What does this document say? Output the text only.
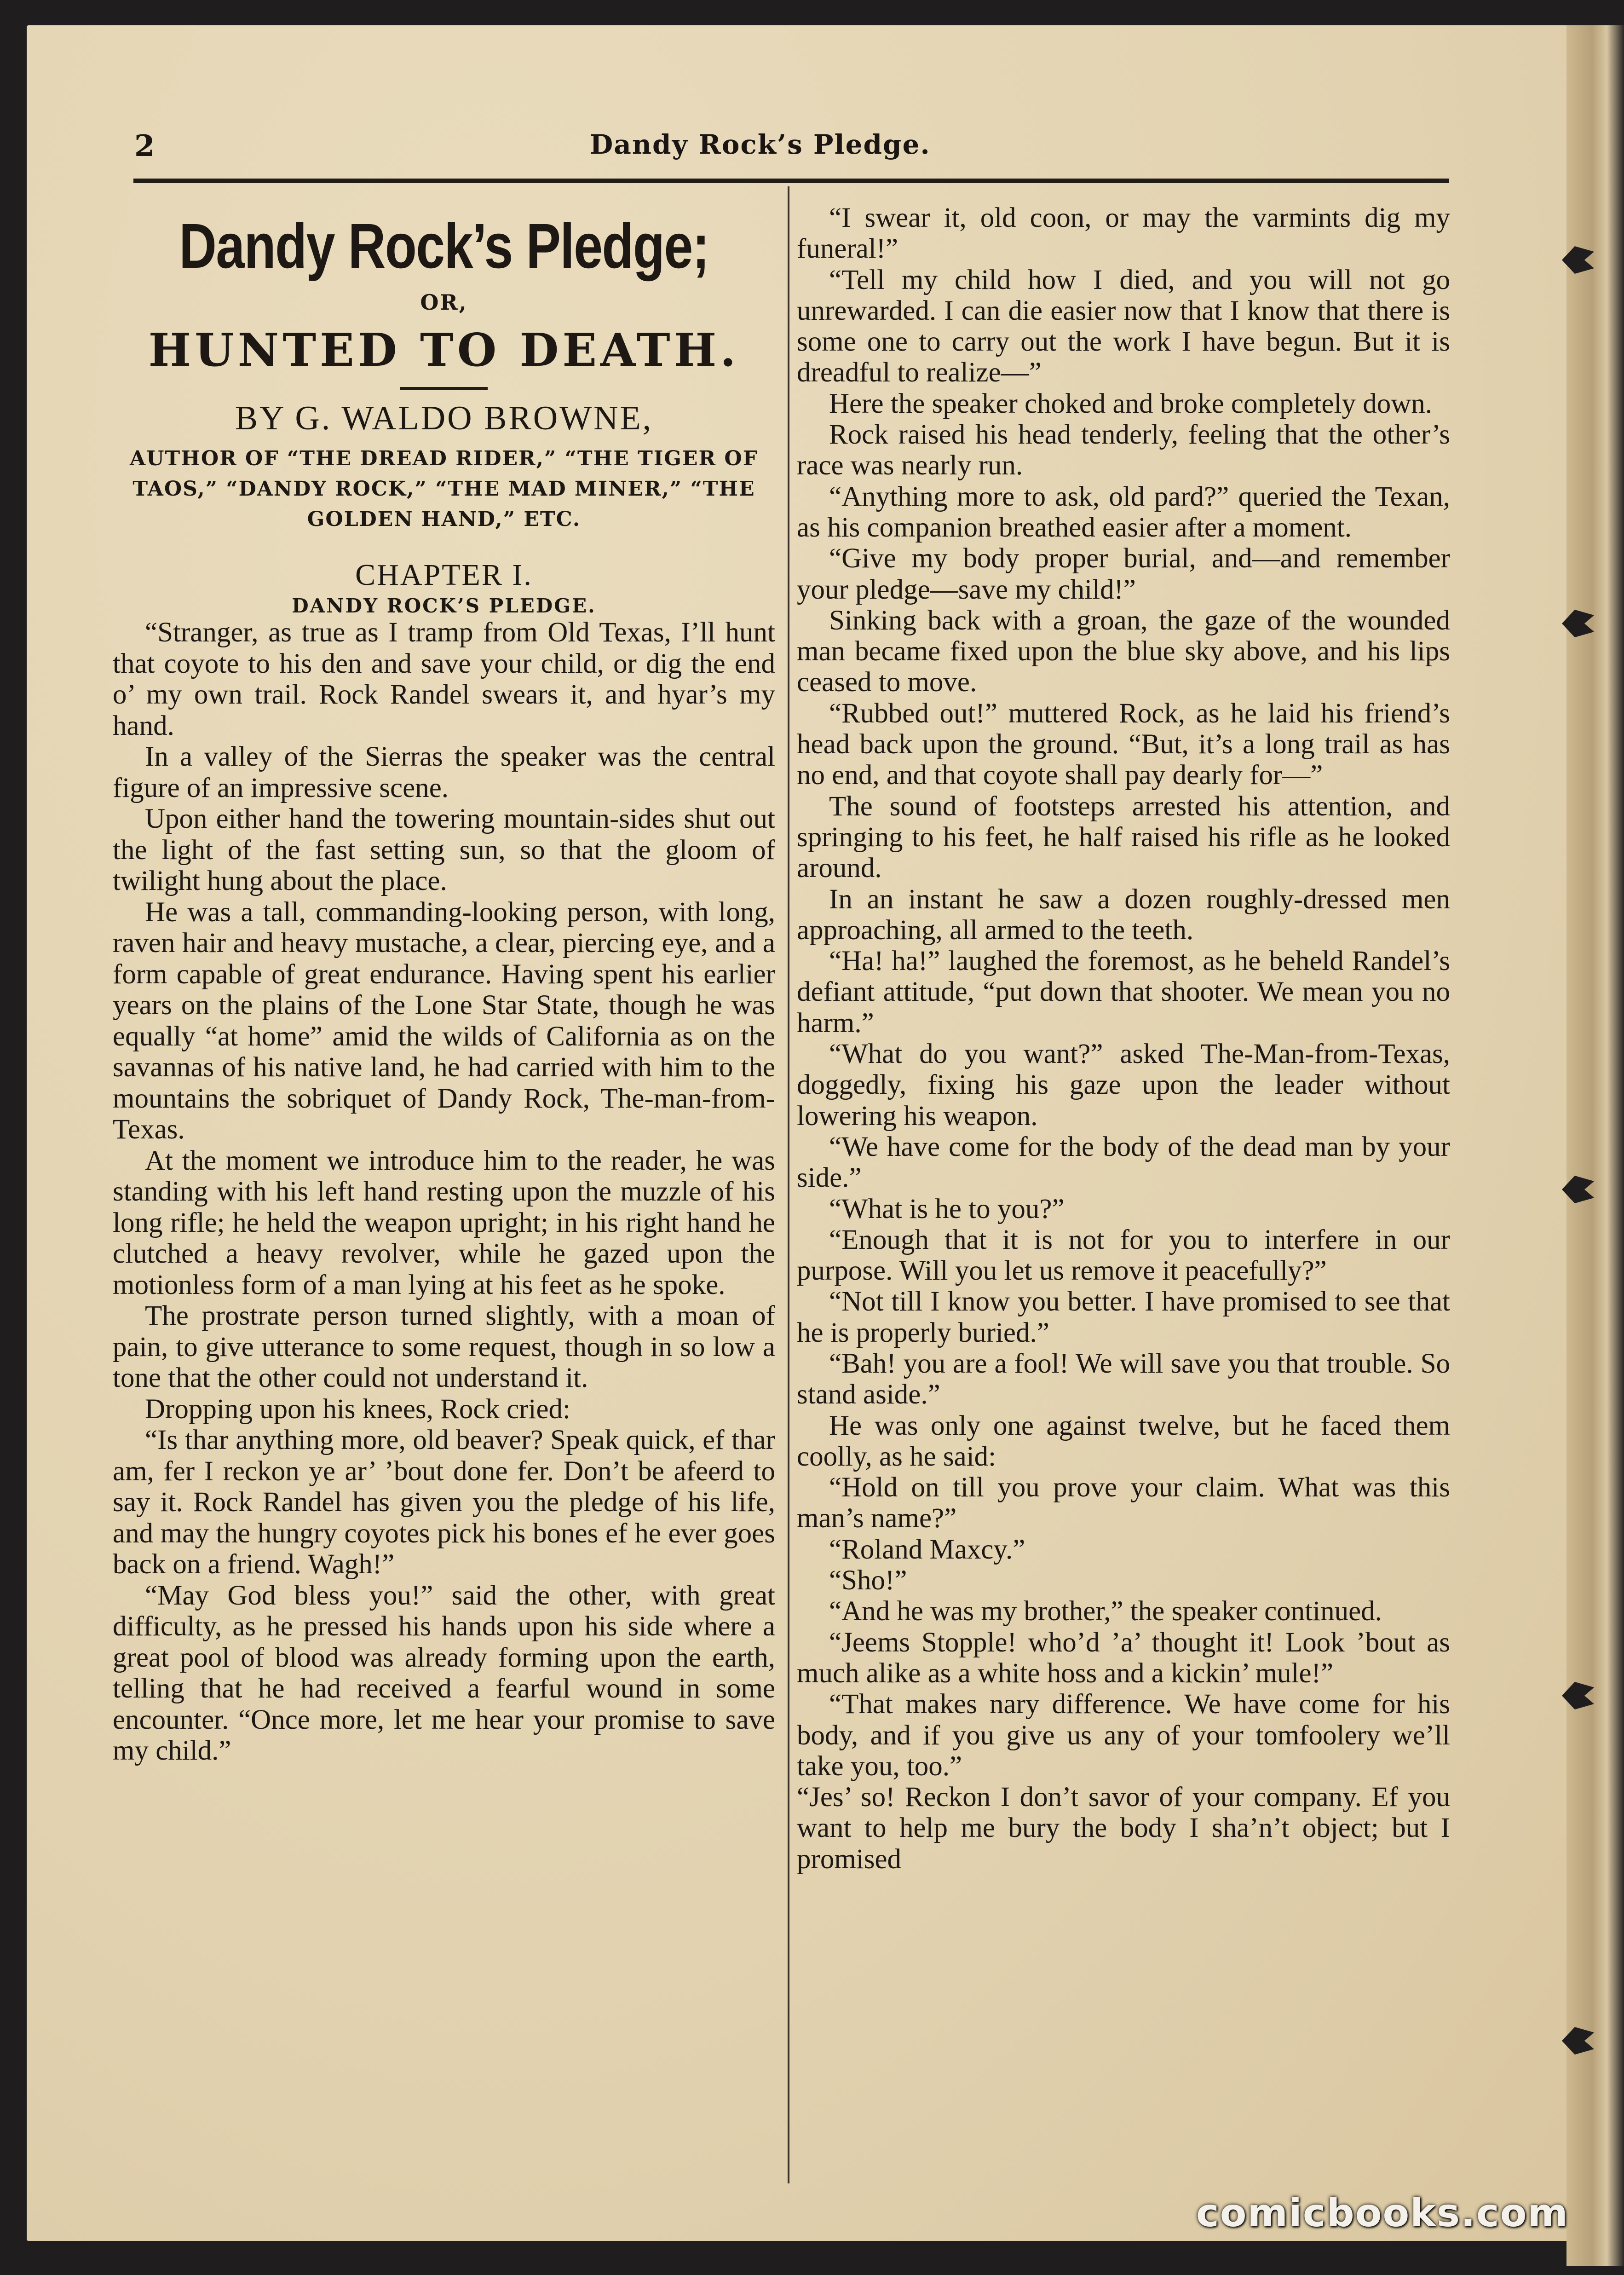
2	Dandy Rock’s Pledge.
Dandy Rock’s Pledge;
OR,
HUNTED TO DEATH.
BY G. WALDO BROWNE,
AUTHOR OF “THE DREAD RIDER,” “THE TIGER OF TAOS,” “DANDY ROCK,” “THE MAD MINER,” “THE GOLDEN HAND,” ETC.
CHAPTER I.
DANDY ROCK’S PLEDGE.

“Stranger, as true as I tramp from Old Texas, I’ll hunt that coyote to his den and save your child, or dig the end o’ my own trail. Rock Randel swears it, and hyar’s my hand.

In a valley of the Sierras the speaker was the central figure of an impressive scene.

Upon either hand the towering mountain-sides shut out the light of the fast setting sun, so that the gloom of twilight hung about the place.

He was a tall, commanding-looking person, with long, raven hair and heavy mustache, a clear, piercing eye, and a form capable of great endurance. Having spent his earlier years on the plains of the Lone Star State, though he was equally “at home” amid the wilds of California as on the savannas of his native land, he had carried with him to the mountains the sobriquet of Dandy Rock, The-man-from-Texas.

At the moment we introduce him to the reader, he was standing with his left hand resting upon the muzzle of his long rifle; he held the weapon upright; in his right hand he clutched a heavy revolver, while he gazed upon the motionless form of a man lying at his feet as he spoke.

The prostrate person turned slightly, with a moan of pain, to give utterance to some request, though in so low a tone that the other could not understand it.

Dropping upon his knees, Rock cried:

“Is thar anything more, old beaver? Speak quick, ef thar am, fer I reckon ye ar’ ’bout done fer. Don’t be afeerd to say it. Rock Randel has given you the pledge of his life, and may the hungry coyotes pick his bones ef he ever goes back on a friend. Wagh!”

“May God bless you!” said the other, with great difficulty, as he pressed his hands upon his side where a great pool of blood was already forming upon the earth, telling that he had received a fearful wound in some encounter. “Once more, let me hear your promise to save my child.”

“I swear it, old coon, or may the varmints dig my funeral!”

“Tell my child how I died, and you will not go unrewarded. I can die easier now that I know that there is some one to carry out the work I have begun. But it is dreadful to realize—”

Here the speaker choked and broke completely down.

Rock raised his head tenderly, feeling that the other’s race was nearly run.

“Anything more to ask, old pard?” queried the Texan, as his companion breathed easier after a moment.

“Give my body proper burial, and—and remember your pledge—save my child!”

Sinking back with a groan, the gaze of the wounded man became fixed upon the blue sky above, and his lips ceased to move.

“Rubbed out!” muttered Rock, as he laid his friend’s head back upon the ground. “But, it’s a long trail as has no end, and that coyote shall pay dearly for—”

The sound of footsteps arrested his attention, and springing to his feet, he half raised his rifle as he looked around.

In an instant he saw a dozen roughly-dressed men approaching, all armed to the teeth.

“Ha! ha!” laughed the foremost, as he beheld Randel’s defiant attitude, “put down that shooter. We mean you no harm.”

“What do you want?” asked The-Man-from-Texas, doggedly, fixing his gaze upon the leader without lowering his weapon.

“We have come for the body of the dead man by your side.”

“What is he to you?”

“Enough that it is not for you to interfere in our purpose. Will you let us remove it peacefully?”

“Not till I know you better. I have promised to see that he is properly buried.”

“Bah! you are a fool! We will save you that trouble. So stand aside.”

He was only one against twelve, but he faced them coolly, as he said:

“Hold on till you prove your claim. What was this man’s name?”

“Roland Maxcy.”

“Sho!”

“And he was my brother,” the speaker continued.

“Jeems Stopple! who’d ’a’ thought it! Look ’bout as much alike as a white hoss and a kickin’ mule!”

“That makes nary difference. We have come for his body, and if you give us any of your tomfoolery we’ll take you, too.”

“Jes’ so! Reckon I don’t savor of your company. Ef you want to help me bury the body I sha’n’t object; but I promised

comicbooks.com
